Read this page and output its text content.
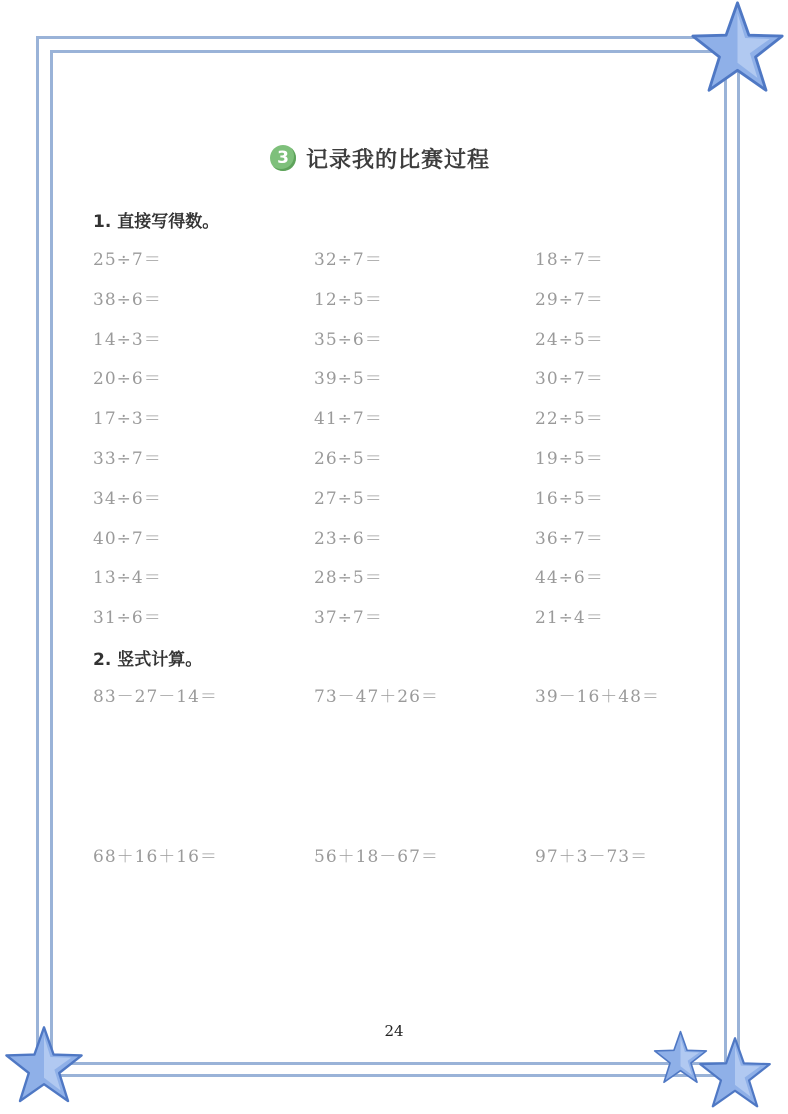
3 记录我的比赛过程
1. 直接写得数。
25÷7＝	32÷7＝	18÷7＝
38÷6＝	12÷5＝	29÷7＝
14÷3＝	35÷6＝	24÷5＝
20÷6＝	39÷5＝	30÷7＝
17÷3＝	41÷7＝	22÷5＝
33÷7＝	26÷5＝	19÷5＝
34÷6＝	27÷5＝	16÷5＝
40÷7＝	23÷6＝	36÷7＝
13÷4＝	28÷5＝	44÷6＝
31÷6＝	37÷7＝	21÷4＝
2. 竖式计算。
83－27－14＝	73－47＋26＝	39－16＋48＝
68＋16＋16＝	56＋18－67＝	97＋3－73＝
24
